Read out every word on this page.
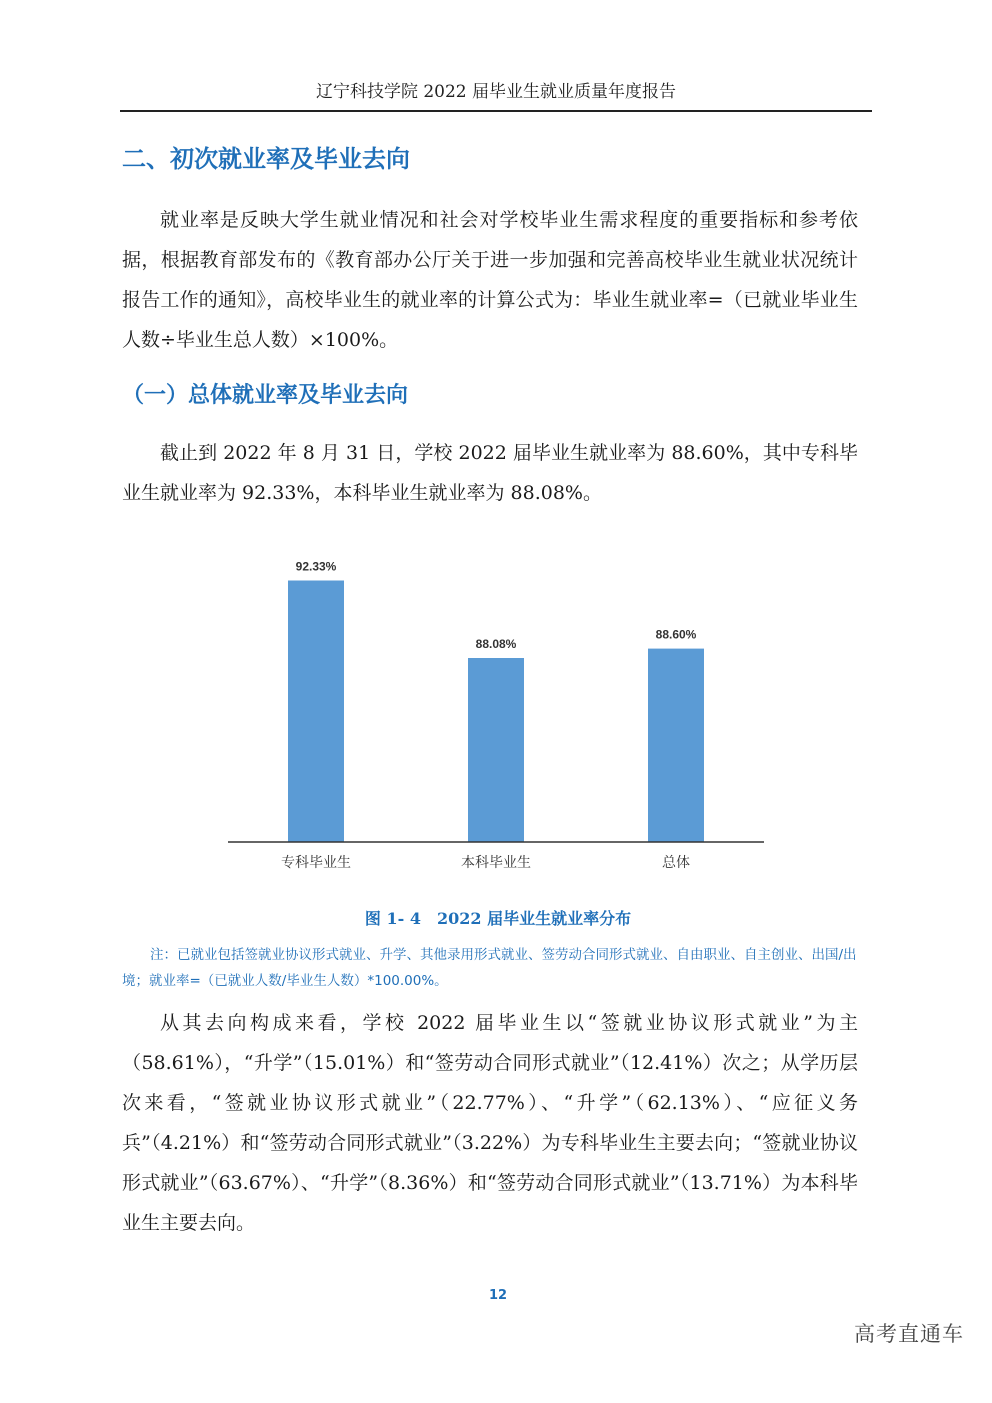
辽宁科技学院 2022 届毕业生就业质量年度报告
二、初次就业率及毕业去向

就业率是反映大学生就业情况和社会对学校毕业生需求程度的重要指标和参考依据，根据教育部发布的《教育部办公厅关于进一步加强和完善高校毕业生就业状况统计报告工作的通知》，高校毕业生的就业率的计算公式为：毕业生就业率=（已就业毕业生人数÷毕业生总人数）×100%。

（一）总体就业率及毕业去向

截止到 2022 年 8 月 31 日，学校 2022 届毕业生就业率为 88.60%，其中专科毕业生就业率为 92.33%，本科毕业生就业率为 88.08%。

92.33%
专科毕业生
88.08%
本科毕业生
88.60%
总体
图 1- 4　2022 届毕业生就业率分布

注：已就业包括签就业协议形式就业、升学、其他录用形式就业、签劳动合同形式就业、自由职业、自主创业、出国/出境；就业率=（已就业人数/毕业生人数）*100.00%。

从其去向构成来看，学校 2022 届毕业生以“签就业协议形式就业”为主（58.61%），“升学”（15.01%）和“签劳动合同形式就业”（12.41%）次之；从学历层次来看，“签就业协议形式就业”（22.77%）、“升学”（62.13%）、“应征义务兵”（4.21%）和“签劳动合同形式就业”（3.22%）为专科毕业生主要去向；“签就业协议形式就业”（63.67%）、“升学”（8.36%）和“签劳动合同形式就业”（13.71%）为本科毕业生主要去向。

12
高考直通车
